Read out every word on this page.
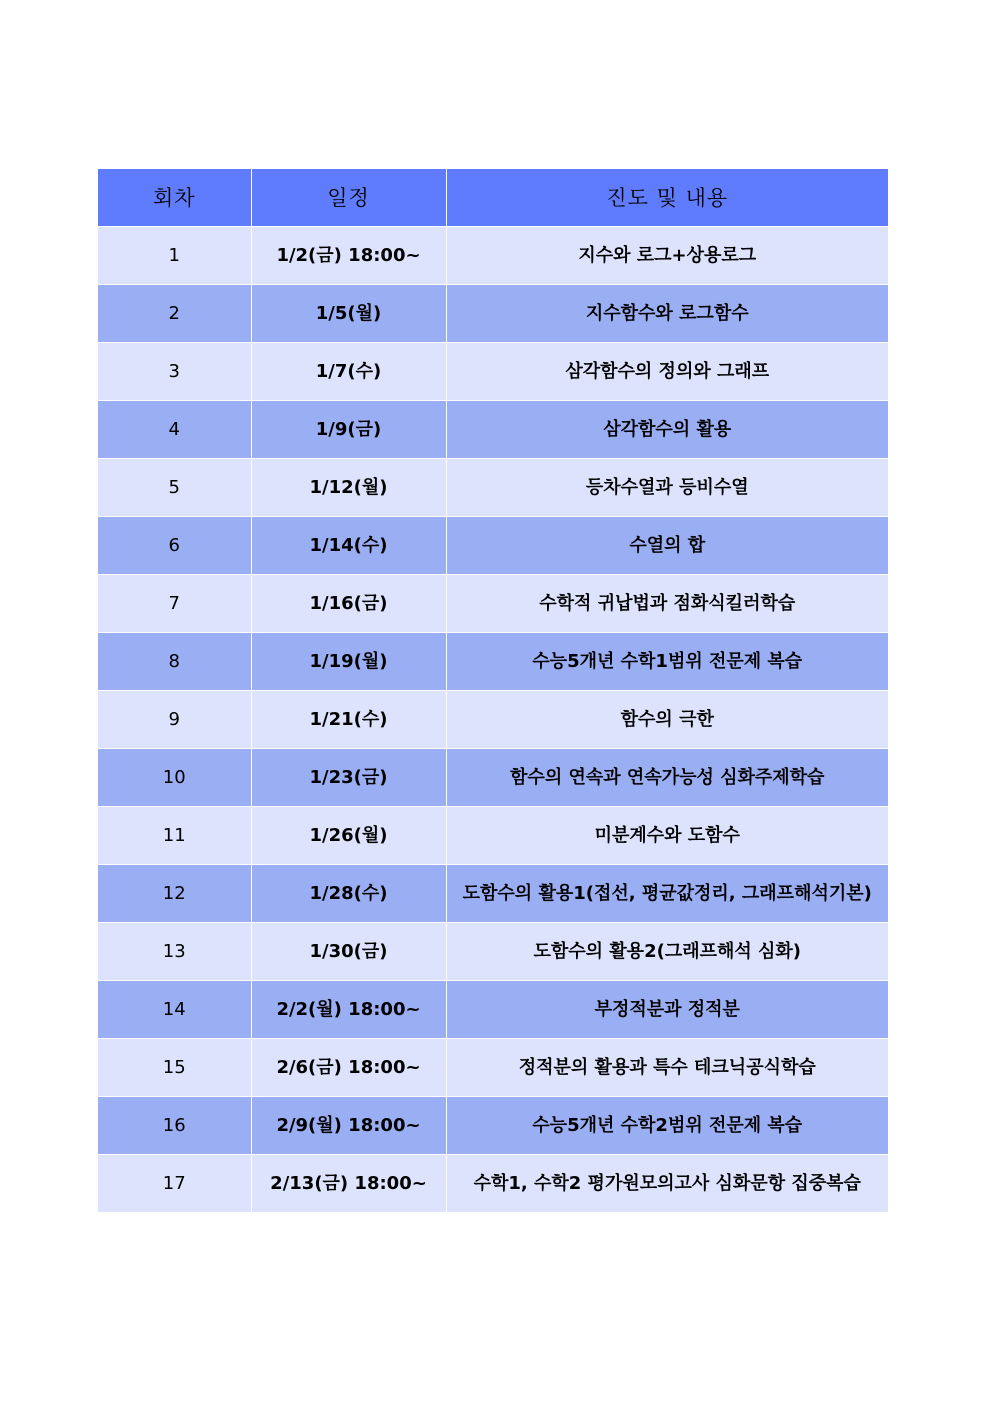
회차	일정	진도 및 내용
1	1/2(금) 18:00~	지수와 로그+상용로그
2	1/5(월)	지수함수와 로그함수
3	1/7(수)	삼각함수의 정의와 그래프
4	1/9(금)	삼각함수의 활용
5	1/12(월)	등차수열과 등비수열
6	1/14(수)	수열의 합
7	1/16(금)	수학적 귀납법과 점화식킬러학습
8	1/19(월)	수능5개년 수학1범위 전문제 복습
9	1/21(수)	함수의 극한
10	1/23(금)	함수의 연속과 연속가능성 심화주제학습
11	1/26(월)	미분계수와 도함수
12	1/28(수)	도함수의 활용1(접선, 평균값정리, 그래프해석기본)
13	1/30(금)	도함수의 활용2(그래프해석 심화)
14	2/2(월) 18:00~	부정적분과 정적분
15	2/6(금) 18:00~	정적분의 활용과 특수 테크닉공식학습
16	2/9(월) 18:00~	수능5개년 수학2범위 전문제 복습
17	2/13(금) 18:00~	수학1, 수학2 평가원모의고사 심화문항 집중복습
